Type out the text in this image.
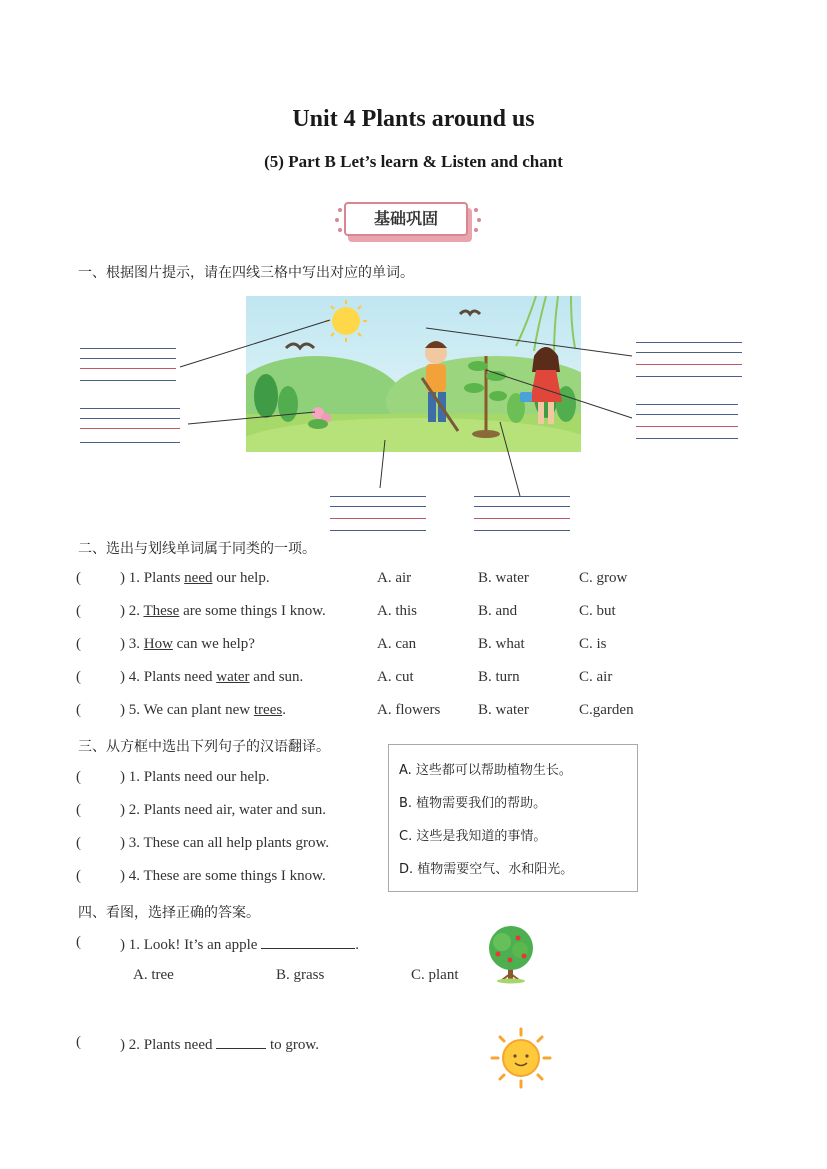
Unit 4 Plants around us
(5) Part B Let’s learn & Listen and chant
基础巩固
一、根据图片提示，请在四线三格中写出对应的单词。
二、选出与划线单词属于同类的一项。
(	) 1. Plants need our help.	A. air	B. water	C. grow
(	) 2. These are some things I know.	A. this	B. and	C. but
(	) 3. How can we help?	A. can	B. what	C. is
(	) 4. Plants need water and sun.	A. cut	B. turn	C. air
(	) 5. We can plant new trees.	A. flowers	B. water	C.garden
三、从方框中选出下列句子的汉语翻译。
(	) 1. Plants need our help.
(	) 2. Plants need air, water and sun.
(	) 3. These can all help plants grow.
(	) 4. These are some things I know.
A. 这些都可以帮助植物生长。
B. 植物需要我们的帮助。
C. 这些是我知道的事情。
D. 植物需要空气、水和阳光。
四、看图，选择正确的答案。
(	) 1. Look! It’s an apple	.
A. tree	B. grass	C. plant
(	) 2. Plants need	to grow.
